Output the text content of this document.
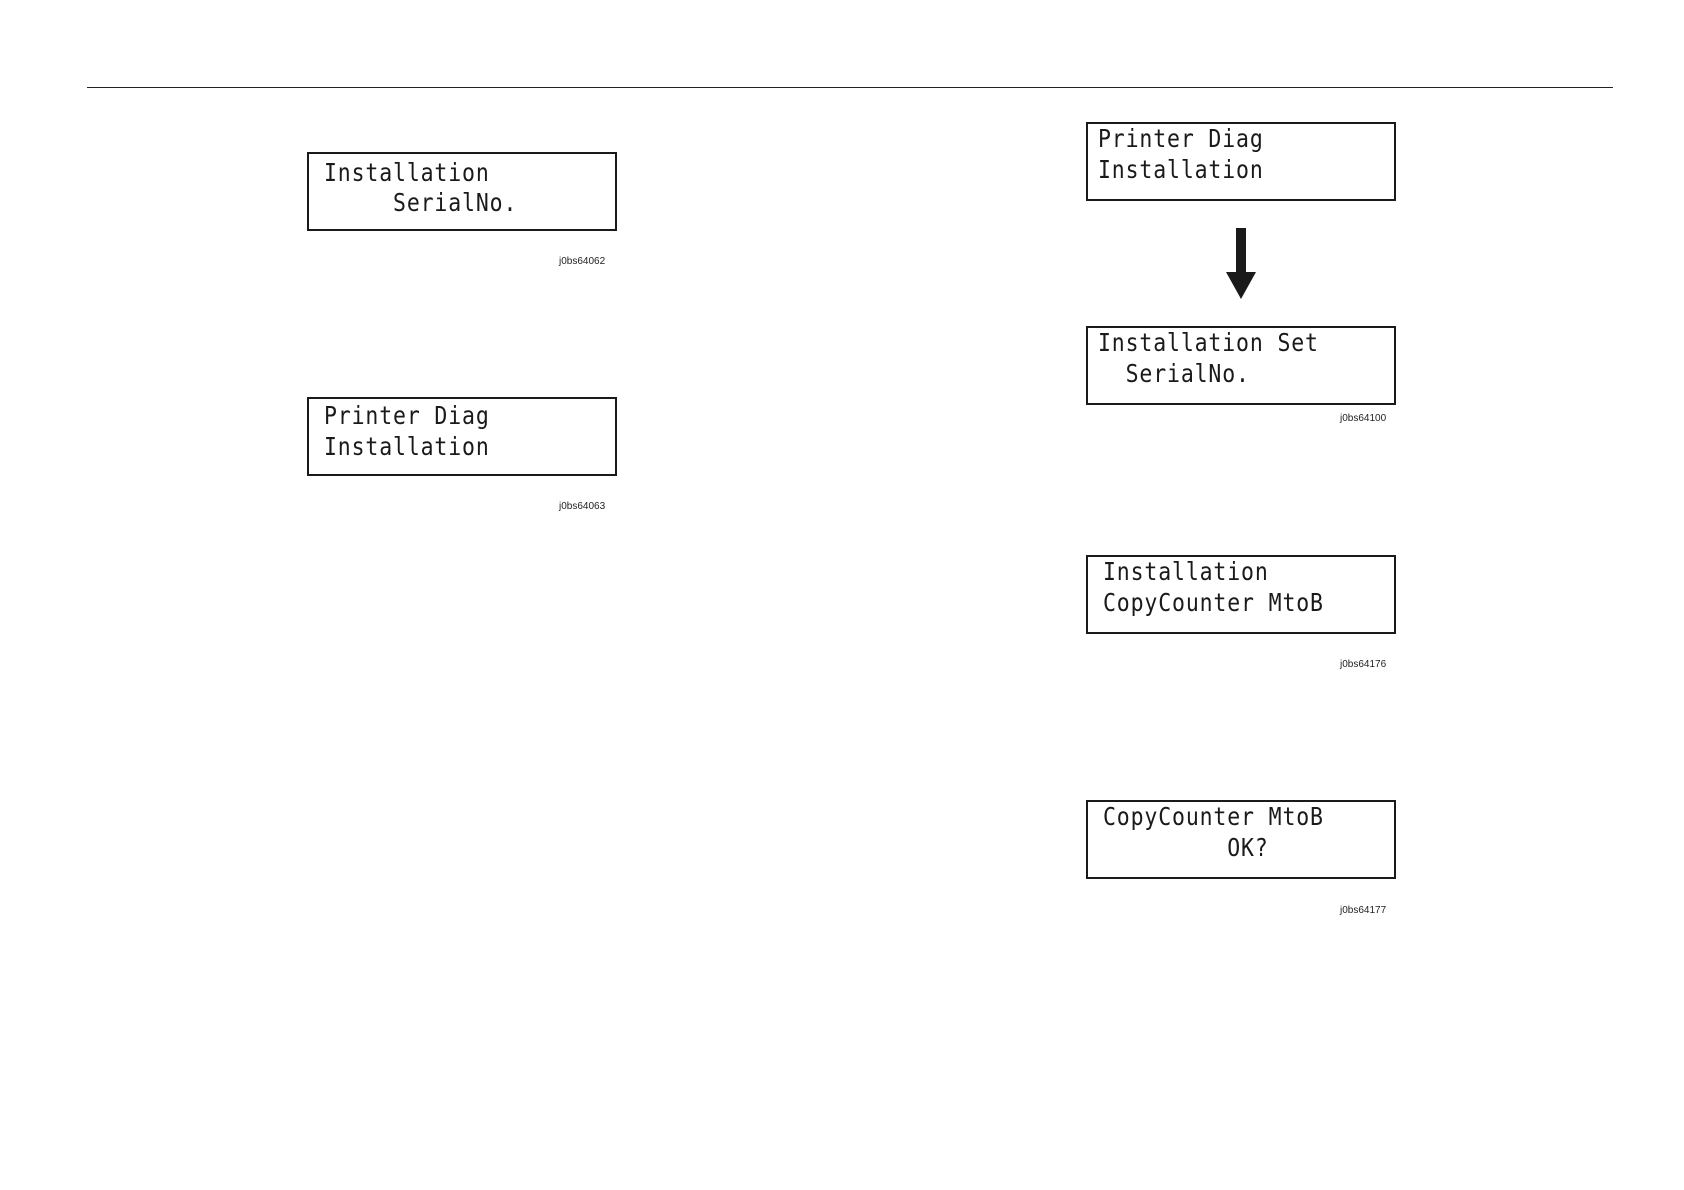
Installation
SerialNo.
j0bs64062
Printer Diag
Installation
j0bs64063
Printer Diag
Installation
Installation Set
SerialNo.
j0bs64100
Installation
CopyCounter MtoB
j0bs64176
CopyCounter MtoB
OK?
j0bs64177
